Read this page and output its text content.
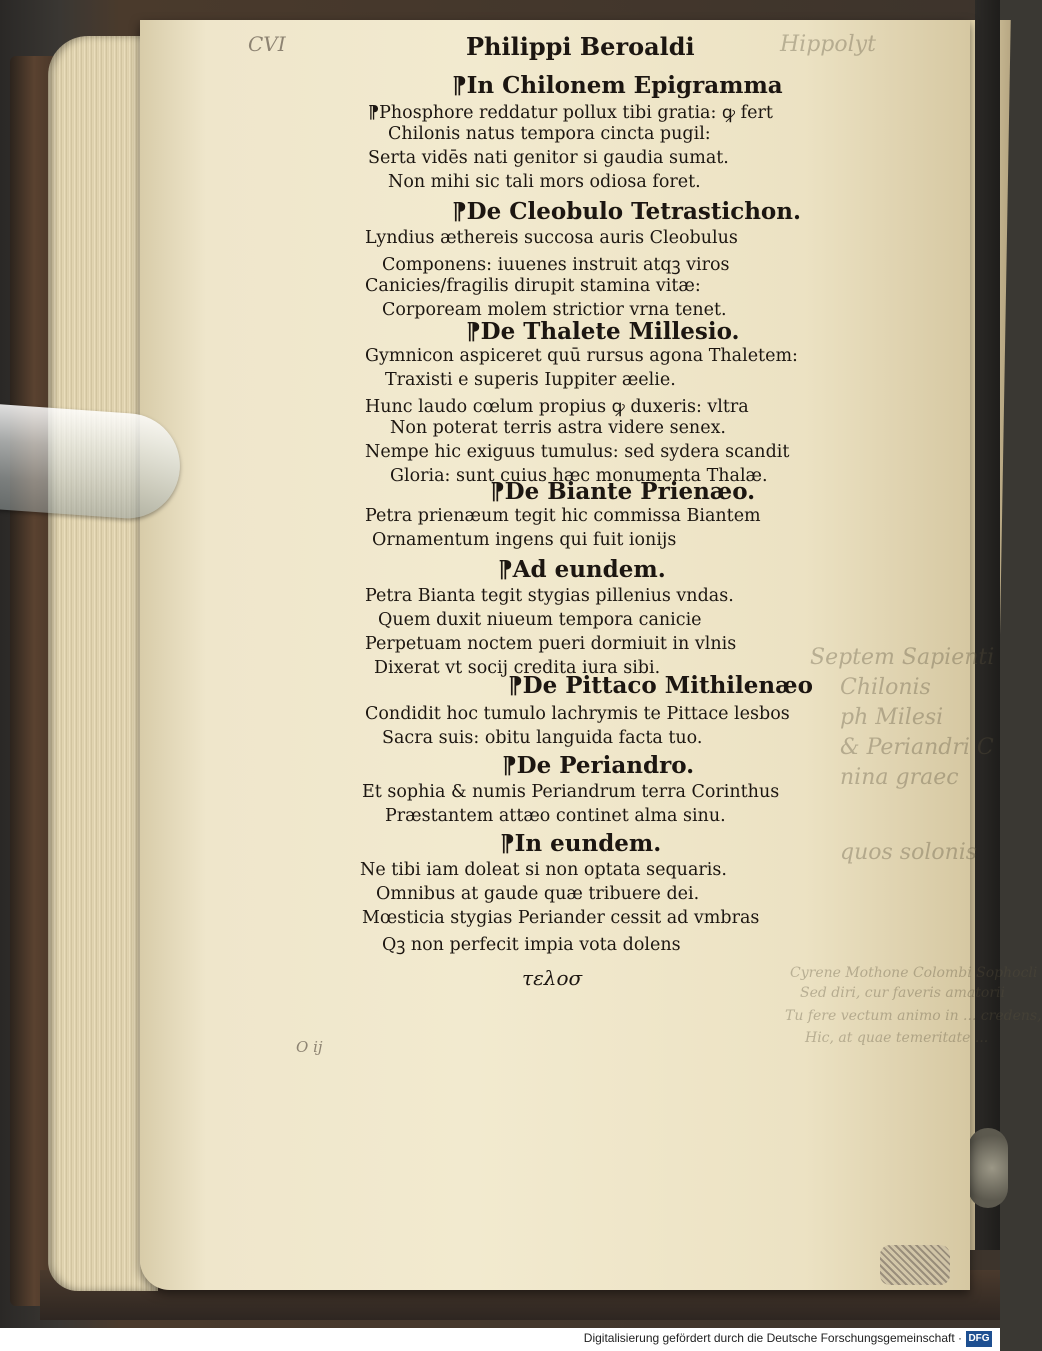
Hippolyt
Septem Sapienti
Chilonis
ph Milesi
& Periandri C
nina graec
quos solonis
Cyrene Mothone Colombi Sophocli
Sed diri, cur faveris amatorii
Tu fere vectum animo in ... credens,
Hic, at quae temeritate ...
Philippi Beroaldi
CVI
⁋In Chilonem Epigramma
⁋Phosphore reddatur pollux tibi gratia: ꝙ fert
Chilonis natus tempora cincta pugil:
Serta vidēs nati genitor si gaudia sumat.
Non mihi sic tali mors odiosa foret.
⁋De Cleobulo Tetrastichon.
Lyndius æthereis succosa auris Cleobulus
Componens: iuuenes instruit atqꝫ viros
Canicies/fragilis dirupit stamina vitæ:
Corpoream molem strictior vrna tenet.
⁋De Thalete Millesio.
Gymnicon aspiceret quū rursus agona Thaletem:
Traxisti e superis Iuppiter æelie.
Hunc laudo cœlum propius ꝙ duxeris: vltra
Non poterat terris astra videre senex.
Nempe hic exiguus tumulus: sed sydera scandit
Gloria: sunt cuius hæc monumenta Thalæ.
⁋De Biante Prienæo.
Petra prienæum tegit hic commissa Biantem
Ornamentum ingens qui fuit ionijs
⁋Ad eundem.
Petra Bianta tegit stygias pillenius vndas.
Quem duxit niueum tempora canicie
Perpetuam noctem pueri dormiuit in vlnis
Dixerat vt socij credita iura sibi.
⁋De Pittaco Mithilenæo
Condidit hoc tumulo lachrymis te Pittace lesbos
Sacra suis: obitu languida facta tuo.
⁋De Periandro.
Et sophia & numis Periandrum terra Corinthus
Præstantem attæo continet alma sinu.
⁋In eundem.
Ne tibi iam doleat si non optata sequaris.
Omnibus at gaude quæ tribuere dei.
Mœsticia stygias Periander cessit ad vmbras
Qꝫ non perfecit impia vota dolens
τελοσ
O ij
Digitalisierung gefördert durch die Deutsche Forschungsgemeinschaft · DFG
